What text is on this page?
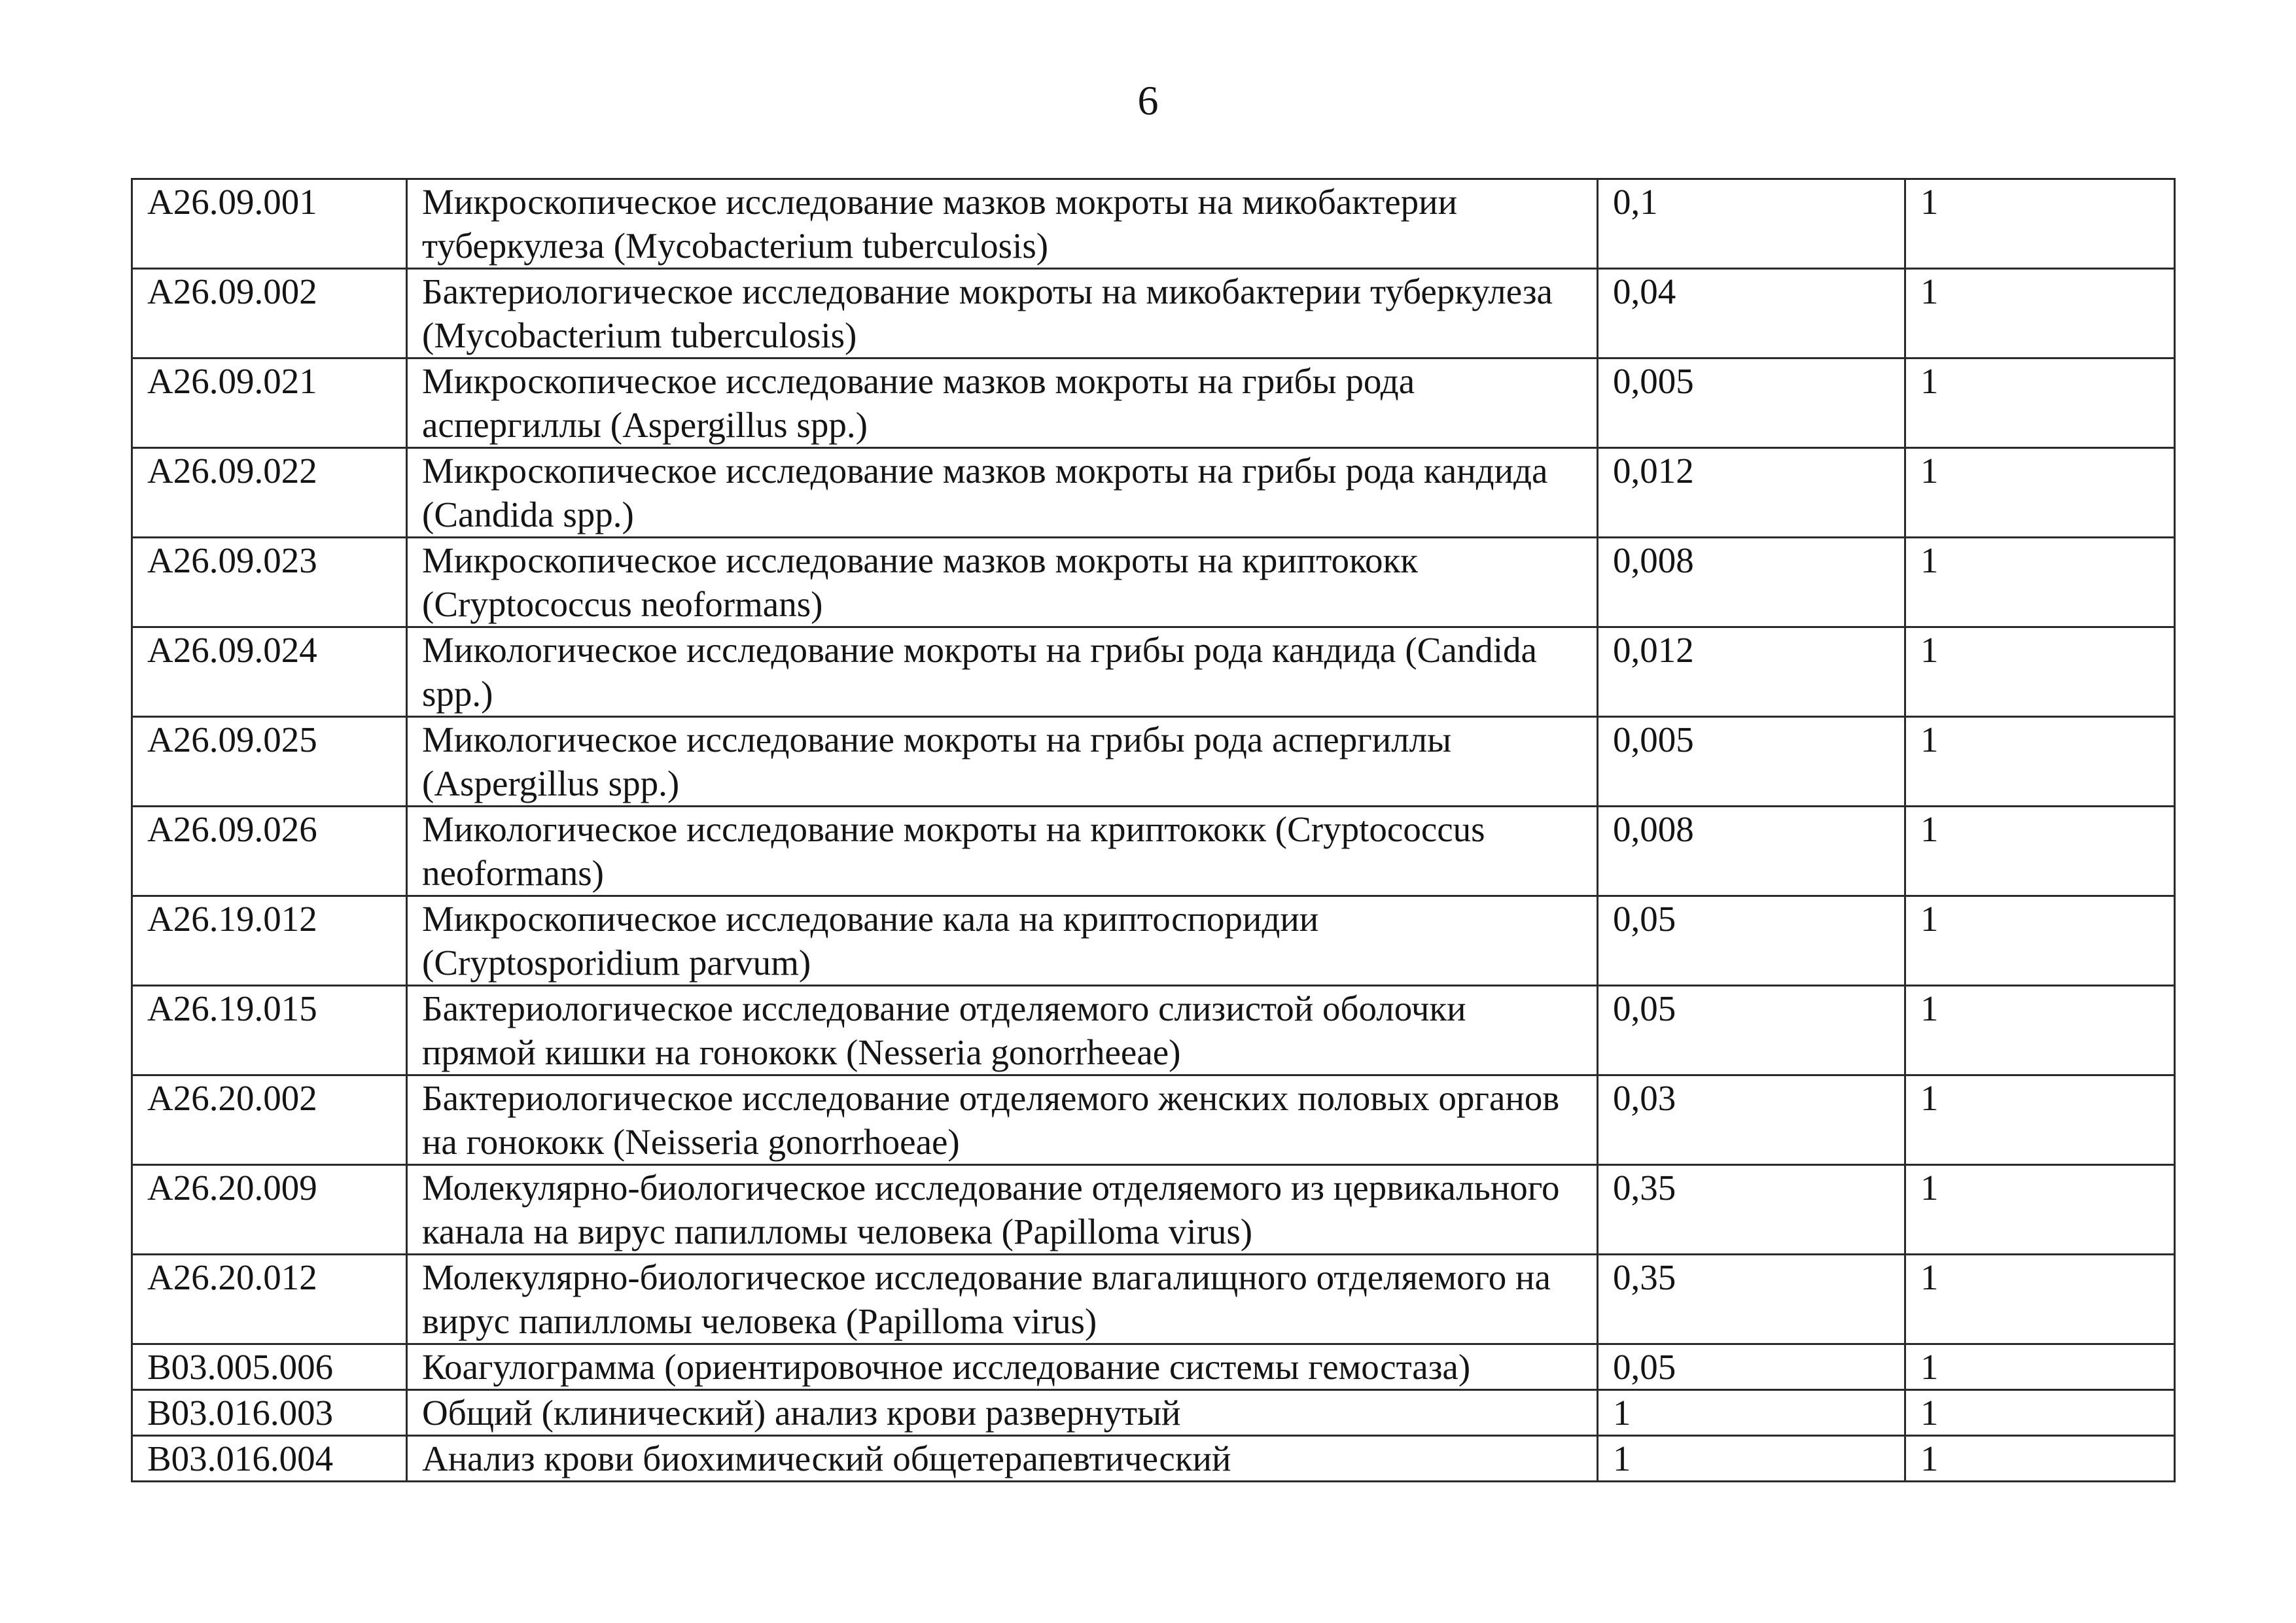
6
A26.09.001	Микроскопическое исследование мазков мокроты на микобактерии туберкулеза (Mycobacterium tuberculosis)	0,1	1
A26.09.002	Бактериологическое исследование мокроты на микобактерии туберкулеза (Mycobacterium tuberculosis)	0,04	1
A26.09.021	Микроскопическое исследование мазков мокроты на грибы рода аспергиллы (Aspergillus spp.)	0,005	1
A26.09.022	Микроскопическое исследование мазков мокроты на грибы рода кандида (Candida spp.)	0,012	1
A26.09.023	Микроскопическое исследование мазков мокроты на криптококк (Cryptococcus neoformans)	0,008	1
A26.09.024	Микологическое исследование мокроты на грибы рода кандида (Candida spp.)	0,012	1
A26.09.025	Микологическое исследование мокроты на грибы рода аспергиллы (Aspergillus spp.)	0,005	1
A26.09.026	Микологическое исследование мокроты на криптококк (Cryptococcus neoformans)	0,008	1
A26.19.012	Микроскопическое исследование кала на криптоспоридии (Cryptosporidium parvum)	0,05	1
A26.19.015	Бактериологическое исследование отделяемого слизистой оболочки прямой кишки на гонококк (Nesseria gonorrheeae)	0,05	1
A26.20.002	Бактериологическое исследование отделяемого женских половых органов на гонококк (Neisseria gonorrhoeae)	0,03	1
A26.20.009	Молекулярно-биологическое исследование отделяемого из цервикального канала на вирус папилломы человека (Papilloma virus)	0,35	1
A26.20.012	Молекулярно-биологическое исследование влагалищного отделяемого на вирус папилломы человека (Papilloma virus)	0,35	1
B03.005.006	Коагулограмма (ориентировочное исследование системы гемостаза)	0,05	1
B03.016.003	Общий (клинический) анализ крови развернутый	1	1
B03.016.004	Анализ крови биохимический общетерапевтический	1	1
